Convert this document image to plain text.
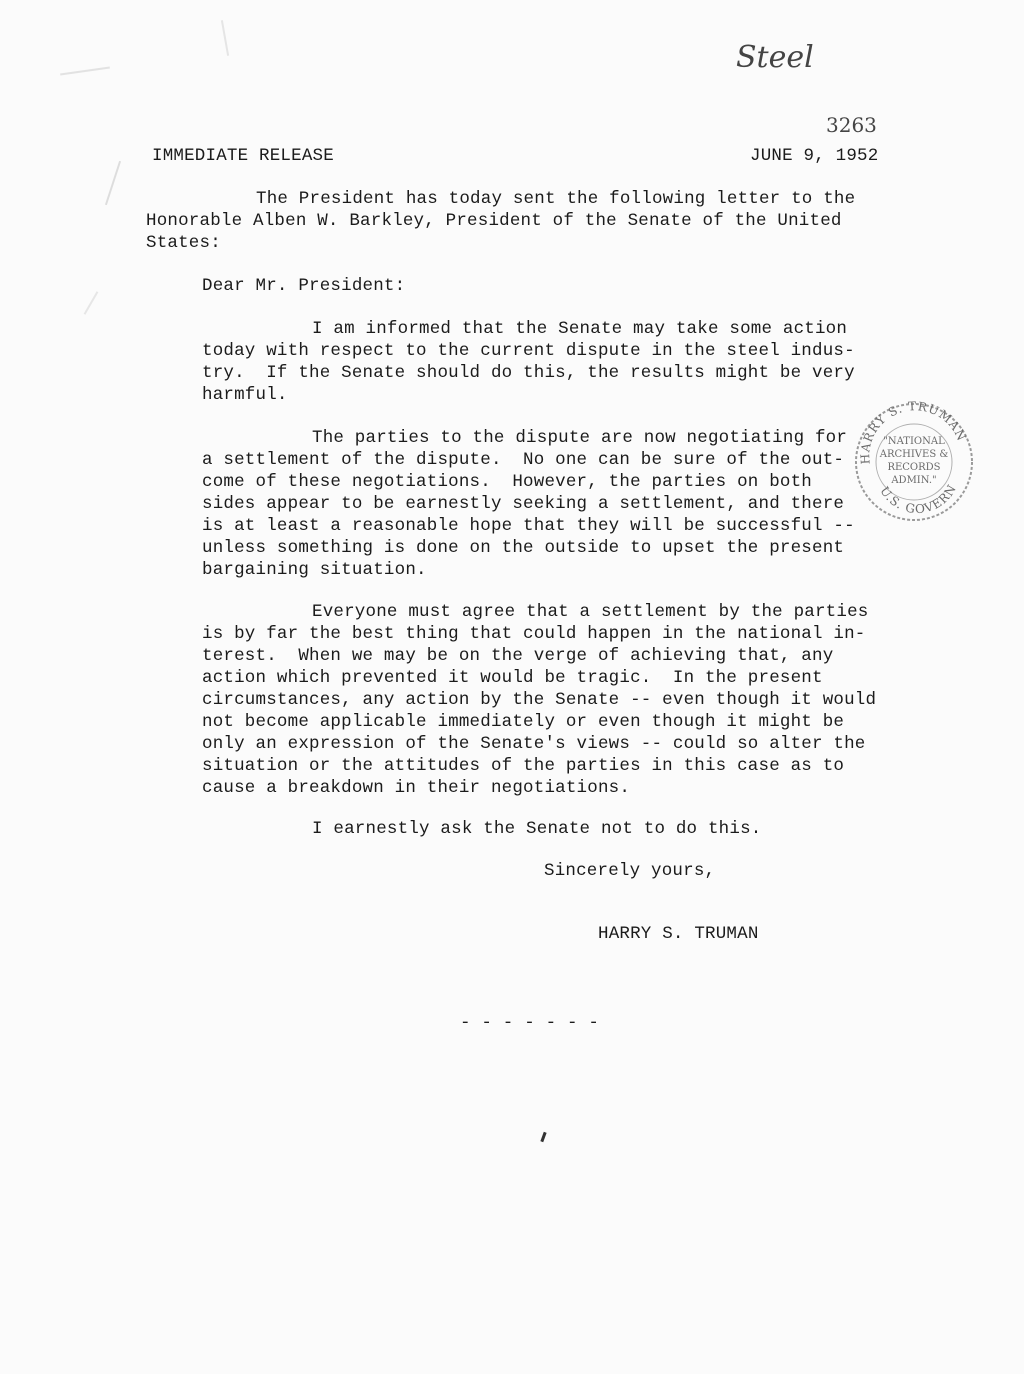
Steel
3263
IMMEDIATE RELEASE	JUNE 9, 1952
The President has today sent the following letter to the
Honorable Alben W. Barkley, President of the Senate of the United
States:
Dear Mr. President:
I am informed that the Senate may take some action
today with respect to the current dispute in the steel indus-
try.  If the Senate should do this, the results might be very
harmful.
The parties to the dispute are now negotiating for
a settlement of the dispute.  No one can be sure of the out-
come of these negotiations.  However, the parties on both
sides appear to be earnestly seeking a settlement, and there
is at least a reasonable hope that they will be successful --
unless something is done on the outside to upset the present
bargaining situation.
Everyone must agree that a settlement by the parties
is by far the best thing that could happen in the national in-
terest.  When we may be on the verge of achieving that, any
action which prevented it would be tragic.  In the present
circumstances, any action by the Senate -- even though it would
not become applicable immediately or even though it might be
only an expression of the Senate's views -- could so alter the
situation or the attitudes of the parties in this case as to
cause a breakdown in their negotiations.
I earnestly ask the Senate not to do this.
Sincerely yours,
HARRY S. TRUMAN
- - - - - - -
HARRY S. TRUMAN
U.S. GOVERN
"NATIONAL
ARCHIVES &
RECORDS
ADMIN."
